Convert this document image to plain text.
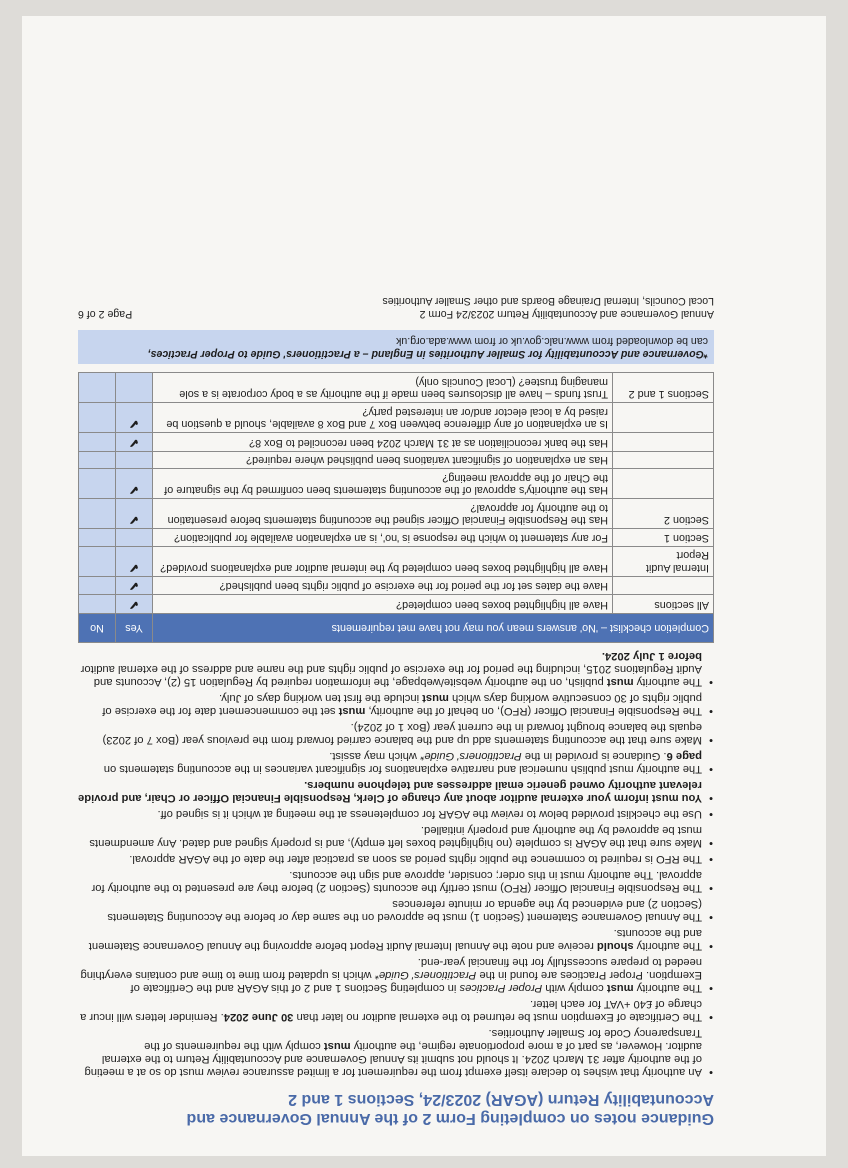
Guidance notes on completing Form 2 of the Annual Governance and
Accountability Return (AGAR) 2023/24, Sections 1 and 2
• An authority that wishes to declare itself exempt from the requirement for a limited assurance review must do so at a meeting of the authority after 31 March 2024. It should not submit its Annual Governance and Accountability Return to the external auditor. However, as part of a more proportionate regime, the authority must comply with the requirements of the Transparency Code for Smaller Authorities.
• The Certificate of Exemption must be returned to the external auditor no later than 30 June 2024. Reminder letters will incur a charge of £40 +VAT for each letter.
• The authority must comply with Proper Practices in completing Sections 1 and 2 of this AGAR and the Certificate of Exemption. Proper Practices are found in the Practitioners' Guide* which is updated from time to time and contains everything needed to prepare successfully for the financial year-end.
• The authority should receive and note the Annual Internal Audit Report before approving the Annual Governance Statement and the accounts.
• The Annual Governance Statement (Section 1) must be approved on the same day or before the Accounting Statements (Section 2) and evidenced by the agenda or minute references
• The Responsible Financial Officer (RFO) must certify the accounts (Section 2) before they are presented to the authority for approval. The authority must in this order; consider, approve and sign the accounts.
• The RFO is required to commence the public rights period as soon as practical after the date of the AGAR approval.
• Make sure that the AGAR is complete (no highlighted boxes left empty), and is properly signed and dated. Any amendments must be approved by the authority and properly initialled.
• Use the checklist provided below to review the AGAR for completeness at the meeting at which it is signed off.
• You must inform your external auditor about any change of Clerk, Responsible Financial Officer or Chair, and provide relevant authority owned generic email addresses and telephone numbers.
• The authority must publish numerical and narrative explanations for significant variances in the accounting statements on page 6. Guidance is provided in the Practitioners' Guide* which may assist.
• Make sure that the accounting statements add up and the balance carried forward from the previous year (Box 7 of 2023) equals the balance brought forward in the current year (Box 1 of 2024).
• The Responsible Financial Officer (RFO), on behalf of the authority, must set the commencement date for the exercise of public rights of 30 consecutive working days which must include the first ten working days of July.
• The authority must publish, on the authority website/webpage, the information required by Regulation 15 (2), Accounts and Audit Regulations 2015, including the period for the exercise of public rights and the name and address of the external auditor before 1 July 2024.
Completion checklist – 'No' answers mean you may not have met requirements		Yes	No
All sections	Have all highlighted boxes been completed?	✔	
	Have the dates set for the period for the exercise of public rights been published?	✔	
Internal Audit Report	Have all highlighted boxes been completed by the internal auditor and explanations provided?	✔	
Section 1	For any statement to which the response is 'no', is an explanation available for publication?		
Section 2	Has the Responsible Financial Officer signed the accounting statements before presentation to the authority for approval?	✔	
	Has the authority's approval of the accounting statements been confirmed by the signature of the Chair of the approval meeting?	✔	
	Has an explanation of significant variations been published where required?		
	Has the bank reconciliation as at 31 March 2024 been reconciled to Box 8?	✔	
	Is an explanation of any difference between Box 7 and Box 8 available, should a question be raised by a local elector and/or an interested party?	✔	
Sections 1 and 2	Trust funds – have all disclosures been made if the authority as a body corporate is a sole managing trustee? (Local Councils only)		
*Governance and Accountability for Smaller Authorities in England – a Practitioners' Guide to Proper Practices,
can be downloaded from www.nalc.gov.uk or from www.ada.org.uk
Annual Governance and Accountability Return 2023/24 Form 2
Local Councils, Internal Drainage Boards and other Smaller Authorities
Page 2 of 6
